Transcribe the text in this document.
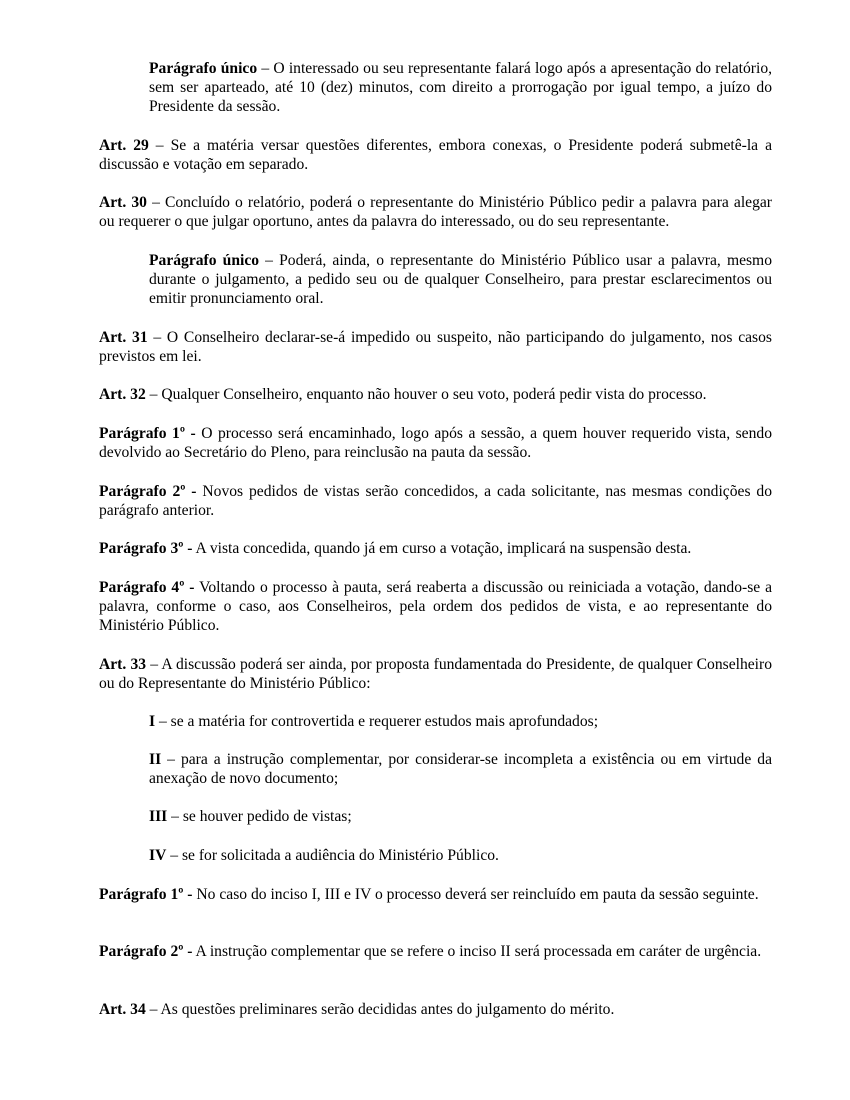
Parágrafo único – O interessado ou seu representante falará logo após a apresentação do relatório, sem ser aparteado, até 10 (dez) minutos, com direito a prorrogação por igual tempo, a juízo do Presidente da sessão.

Art. 29 – Se a matéria versar questões diferentes, embora conexas, o Presidente poderá submetê-la a discussão e votação em separado.

Art. 30 – Concluído o relatório, poderá o representante do Ministério Público pedir a palavra para alegar ou requerer o que julgar oportuno, antes da palavra do interessado, ou do seu representante.

Parágrafo único – Poderá, ainda, o representante do Ministério Público usar a palavra, mesmo durante o julgamento, a pedido seu ou de qualquer Conselheiro, para prestar esclarecimentos ou emitir pronunciamento oral.

Art. 31 – O Conselheiro declarar-se-á impedido ou suspeito, não participando do julgamento, nos casos previstos em lei.

Art. 32 – Qualquer Conselheiro, enquanto não houver o seu voto, poderá pedir vista do processo.

Parágrafo 1º - O processo será encaminhado, logo após a sessão, a quem houver requerido vista, sendo devolvido ao Secretário do Pleno, para reinclusão na pauta da sessão.

Parágrafo 2º - Novos pedidos de vistas serão concedidos, a cada solicitante, nas mesmas condições do parágrafo anterior.

Parágrafo 3º - A vista concedida, quando já em curso a votação, implicará na suspensão desta.

Parágrafo 4º - Voltando o processo à pauta, será reaberta a discussão ou reiniciada a votação, dando-se a palavra, conforme o caso, aos Conselheiros, pela ordem dos pedidos de vista, e ao representante do Ministério Público.

Art. 33 – A discussão poderá ser ainda, por proposta fundamentada do Presidente, de qualquer Conselheiro ou do Representante do Ministério Público:

I – se a matéria for controvertida e requerer estudos mais aprofundados;

II – para a instrução complementar, por considerar-se incompleta a existência ou em virtude da anexação de novo documento;

III – se houver pedido de vistas;

IV – se for solicitada a audiência do Ministério Público.

Parágrafo 1º - No caso do inciso I, III e IV o processo deverá ser reincluído em pauta da sessão seguinte.

Parágrafo 2º - A instrução complementar que se refere o inciso II será processada em caráter de urgência.

Art. 34 – As questões preliminares serão decididas antes do julgamento do mérito.
